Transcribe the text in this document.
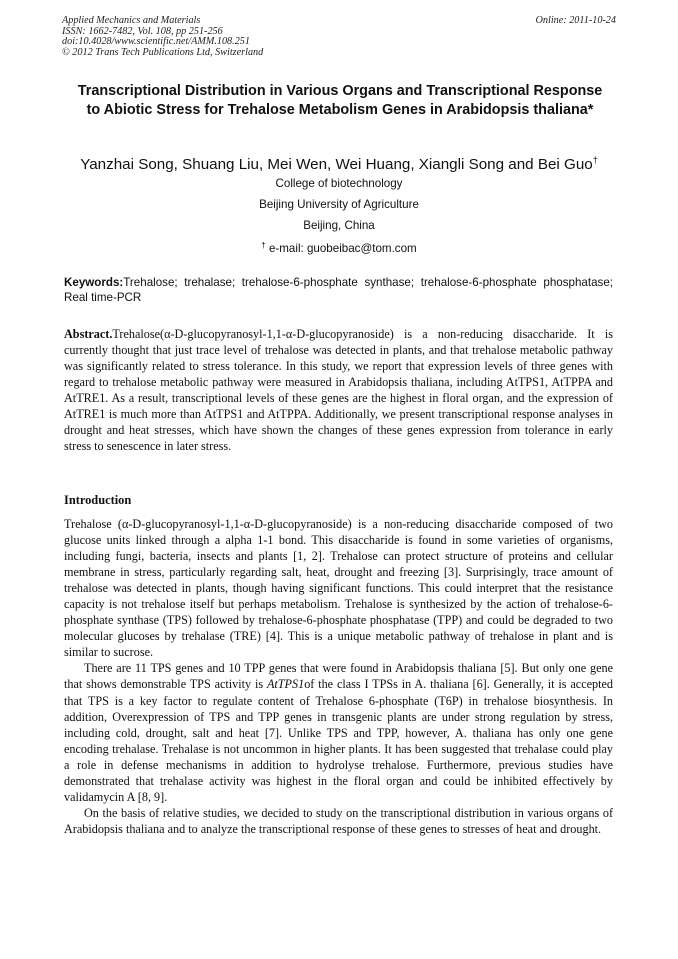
Applied Mechanics and Materials
ISSN: 1662-7482, Vol. 108, pp 251-256
doi:10.4028/www.scientific.net/AMM.108.251
© 2012 Trans Tech Publications Ltd, Switzerland
Online: 2011-10-24
Transcriptional Distribution in Various Organs and Transcriptional Response to Abiotic Stress for Trehalose Metabolism Genes in Arabidopsis thaliana*
Yanzhai Song, Shuang Liu, Mei Wen, Wei Huang, Xiangli Song and Bei Guo†
College of biotechnology
Beijing University of Agriculture
Beijing, China
† e-mail: guobeibac@tom.com
Keywords:Trehalose; trehalase; trehalose-6-phosphate synthase; trehalose-6-phosphate phosphatase; Real time-PCR

Abstract.Trehalose(α-D-glucopyranosyl-1,1-α-D-glucopyranoside) is a non-reducing disaccharide. It is currently thought that just trace level of trehalose was detected in plants, and that trehalose metabolic pathway was significantly related to stress tolerance. In this study, we report that expression levels of three genes with regard to trehalose metabolic pathway were measured in Arabidopsis thaliana, including AtTPS1, AtTPPA and AtTRE1. As a result, transcriptional levels of these genes are the highest in floral organ, and the expression of AtTRE1 is much more than AtTPS1 and AtTPPA. Additionally, we present transcriptional response analyses in drought and heat stresses, which have shown the changes of these genes expression from tolerance in early stress to senescence in later stress.

Introduction

Trehalose (α-D-glucopyranosyl-1,1-α-D-glucopyranoside) is a non-reducing disaccharide composed of two glucose units linked through a alpha 1-1 bond. This disaccharide is found in some varieties of organisms, including fungi, bacteria, insects and plants [1, 2]. Trehalose can protect structure of proteins and cellular membrane in stress, particularly regarding salt, heat, drought and freezing [3]. Surprisingly, trace amount of trehalose was detected in plants, though having significant functions. This could interpret that the resistance capacity is not trehalose itself but perhaps metabolism. Trehalose is synthesized by the action of trehalose-6-phosphate synthase (TPS) followed by trehalose-6-phosphate phosphatase (TPP) and could be degraded to two molecular glucoses by trehalase (TRE) [4]. This is a unique metabolic pathway of trehalose in plant and is similar to sucrose.

There are 11 TPS genes and 10 TPP genes that were found in Arabidopsis thaliana [5]. But only one gene that shows demonstrable TPS activity is AtTPS1of the class I TPSs in A. thaliana [6]. Generally, it is accepted that TPS is a key factor to regulate content of Trehalose 6-phosphate (T6P) in trehalose biosynthesis. In addition, Overexpression of TPS and TPP genes in transgenic plants are under strong regulation by stress, including cold, drought, salt and heat [7]. Unlike TPS and TPP, however, A. thaliana has only one gene encoding trehalase. Trehalase is not uncommon in higher plants. It has been suggested that trehalase could play a role in defense mechanisms in addition to hydrolyse trehalose. Furthermore, previous studies have demonstrated that trehalase activity was highest in the floral organ and could be inhibited effectively by validamycin A [8, 9].

On the basis of relative studies, we decided to study on the transcriptional distribution in various organs of Arabidopsis thaliana and to analyze the transcriptional response of these genes to stresses of heat and drought.
